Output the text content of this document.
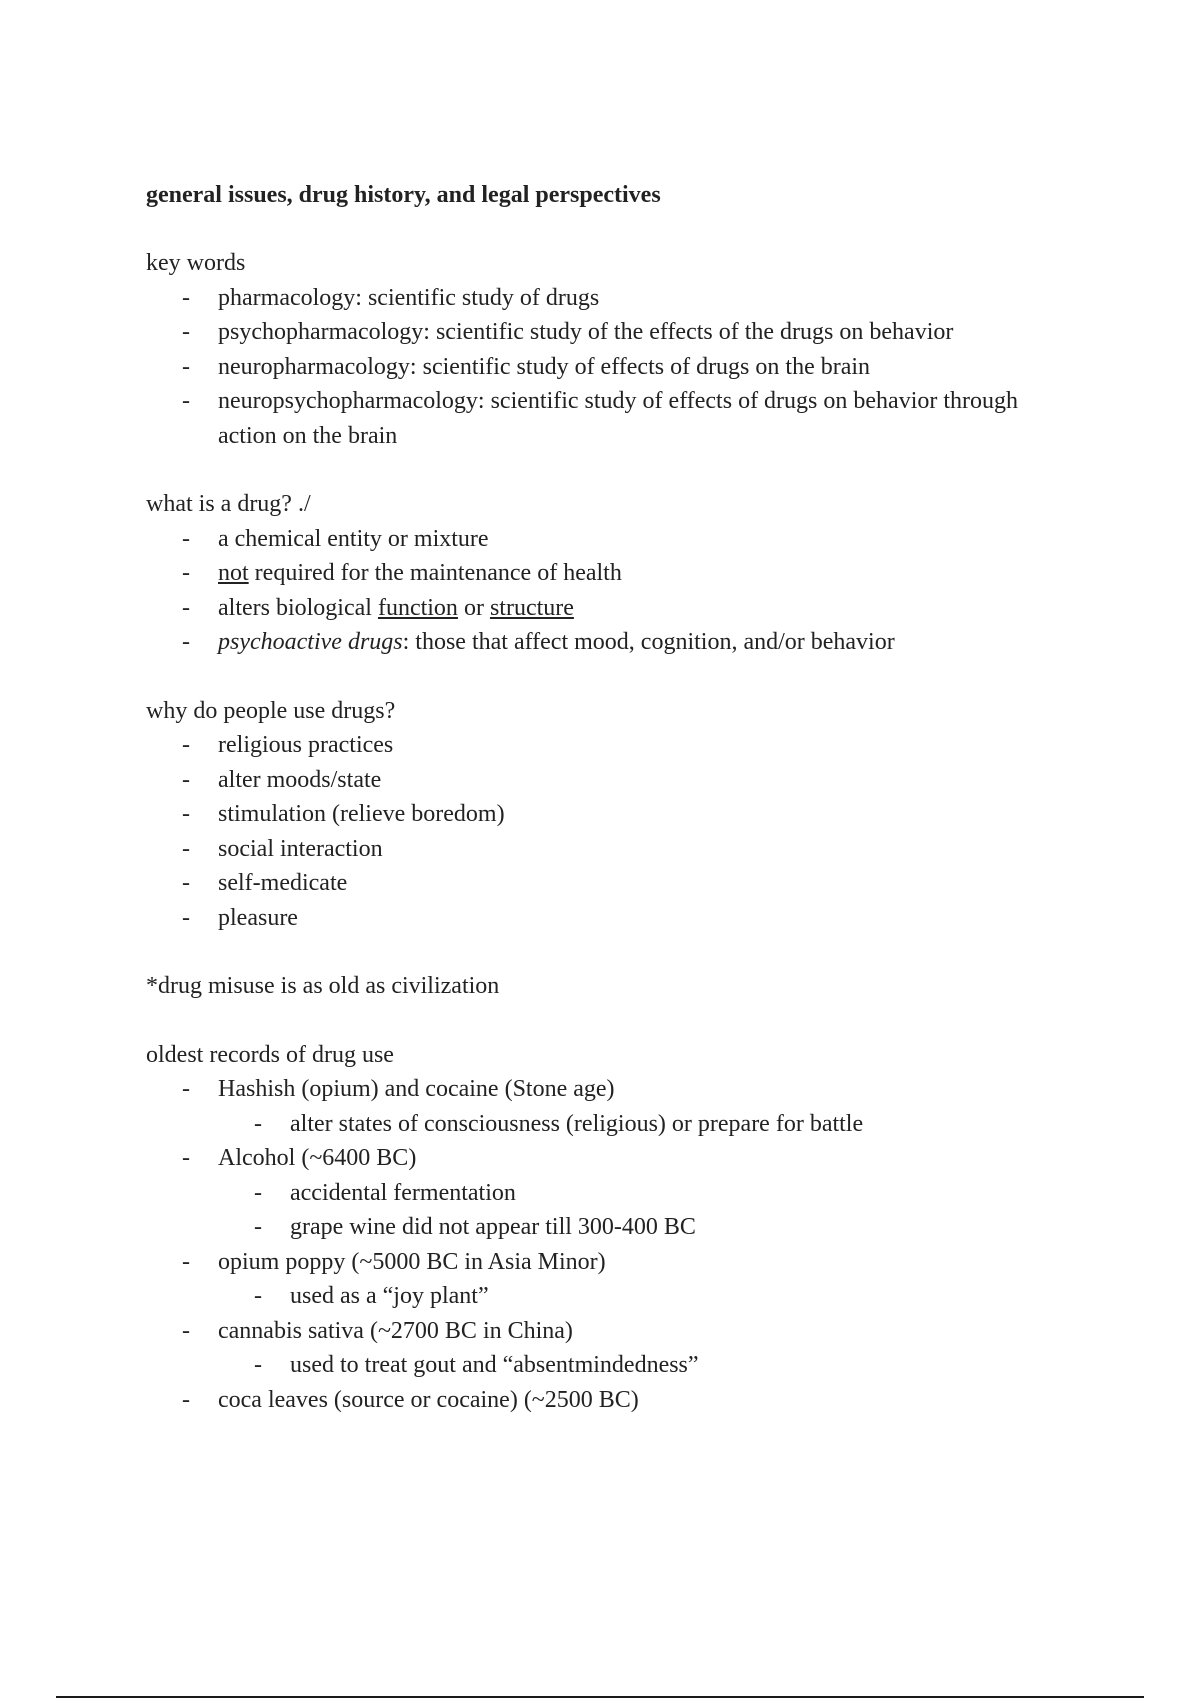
general issues, drug history, and legal perspectives

key words

- pharmacology: scientific study of drugs
- psychopharmacology: scientific study of the effects of the drugs on behavior
- neuropharmacology: scientific study of effects of drugs on the brain
- neuropsychopharmacology: scientific study of effects of drugs on behavior through action on the brain

what is a drug? ./

- a chemical entity or mixture
- not required for the maintenance of health
- alters biological function or structure
- psychoactive drugs: those that affect mood, cognition, and/or behavior

why do people use drugs?

- religious practices
- alter moods/state
- stimulation (relieve boredom)
- social interaction
- self-medicate
- pleasure

*drug misuse is as old as civilization

oldest records of drug use

- Hashish (opium) and cocaine (Stone age)
- alter states of consciousness (religious) or prepare for battle
- Alcohol (~6400 BC)
- accidental fermentation
- grape wine did not appear till 300-400 BC
- opium poppy (~5000 BC in Asia Minor)
- used as a “joy plant”
- cannabis sativa (~2700 BC in China)
- used to treat gout and “absentmindedness”
- coca leaves (source or cocaine) (~2500 BC)
